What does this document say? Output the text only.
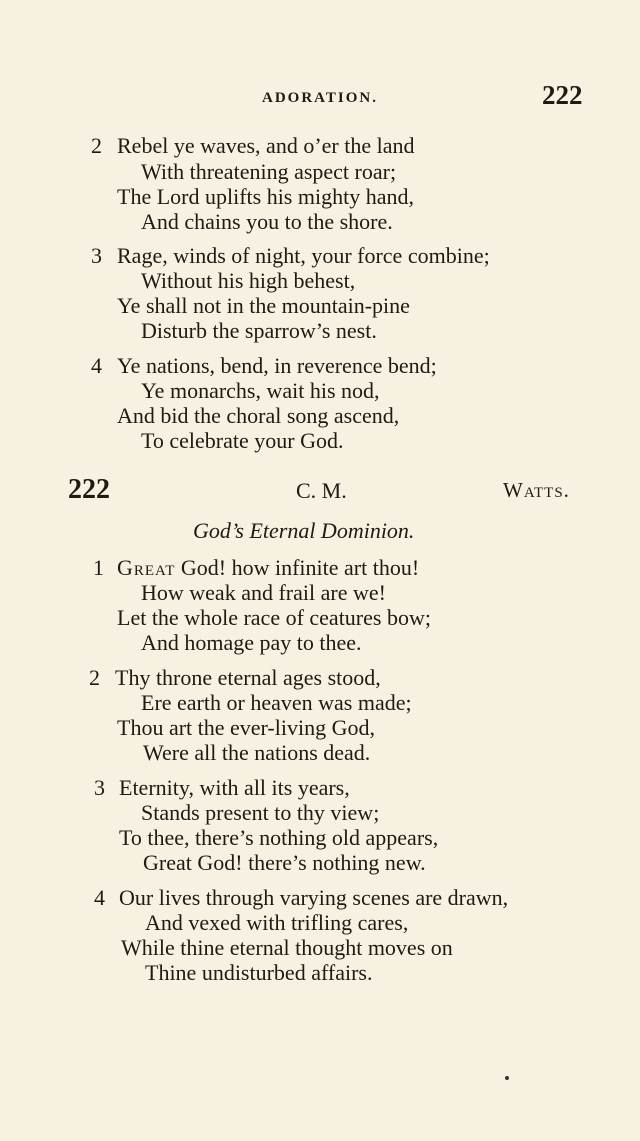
ADORATION.	222
2 Rebel ye waves, and o’er the land
With threatening aspect roar;
The Lord uplifts his mighty hand,
And chains you to the shore.
3 Rage, winds of night, your force combine;
Without his high behest,
Ye shall not in the mountain-pine
Disturb the sparrow’s nest.
4 Ye nations, bend, in reverence bend;
Ye monarchs, wait his nod,
And bid the choral song ascend,
To celebrate your God.
222	C. M.	Watts.
God’s Eternal Dominion.
1 Great God! how infinite art thou!
How weak and frail are we!
Let the whole race of ceatures bow;
And homage pay to thee.
2 Thy throne eternal ages stood,
Ere earth or heaven was made;
Thou art the ever-living God,
Were all the nations dead.
3 Eternity, with all its years,
Stands present to thy view;
To thee, there’s nothing old appears,
Great God! there’s nothing new.
4 Our lives through varying scenes are drawn,
And vexed with trifling cares,
While thine eternal thought moves on
Thine undisturbed affairs.
